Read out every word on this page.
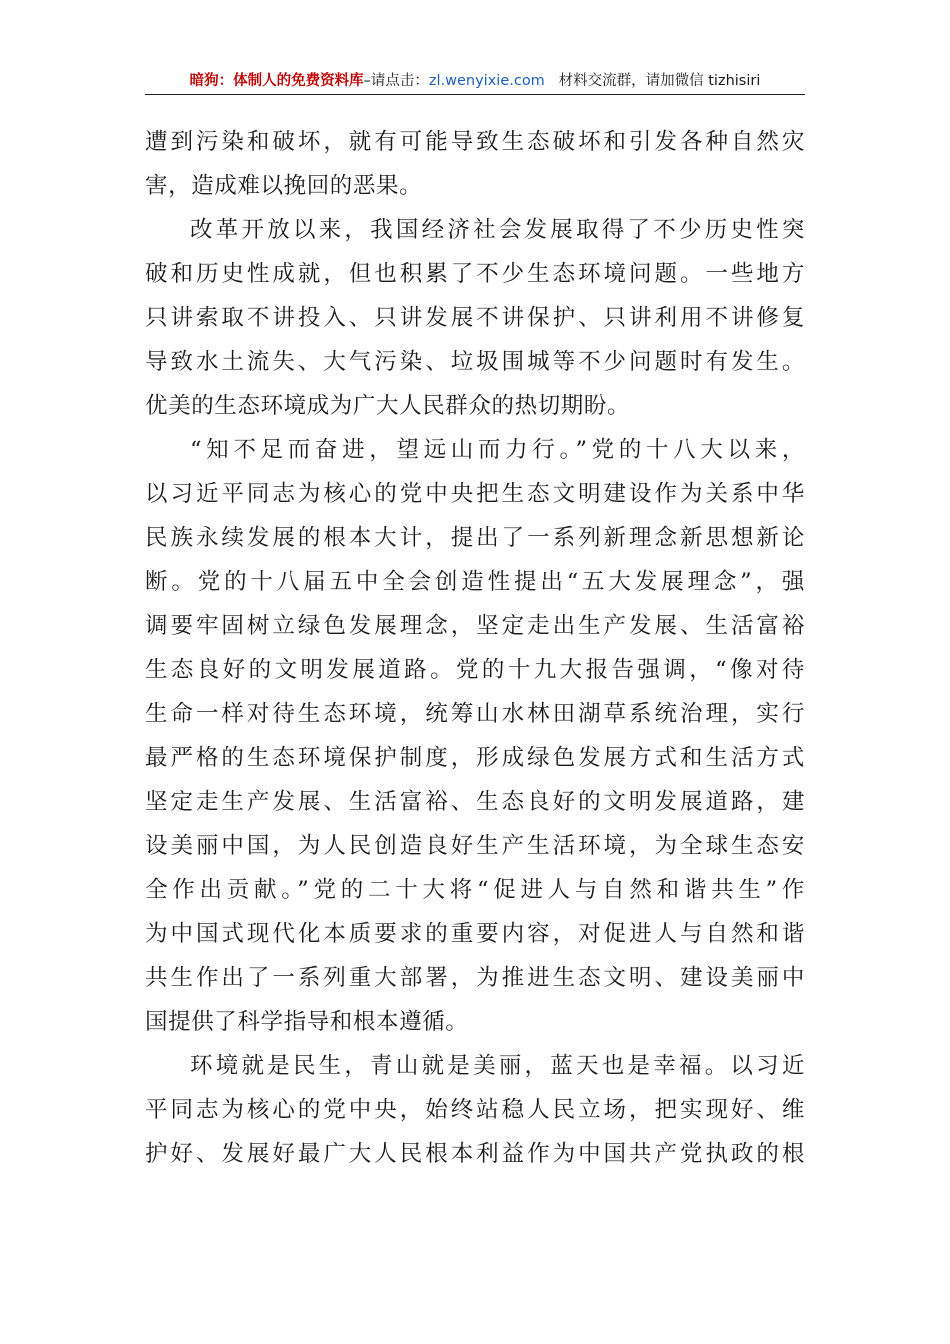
暗狗：体制人的免费资料库–请点击：zl.wenyixie.com 材料交流群，请加微信 tizhisiri
遭到污染和破坏，就有可能导致生态破坏和引发各种自然灾
害，造成难以挽回的恶果。
改革开放以来，我国经济社会发展取得了不少历史性突
破和历史性成就，但也积累了不少生态环境问题。一些地方
只讲索取不讲投入、只讲发展不讲保护、只讲利用不讲修复
导致水土流失、大气污染、垃圾围城等不少问题时有发生。
优美的生态环境成为广大人民群众的热切期盼。
“知不足而奋进，望远山而力行。”党的十八大以来，
以习近平同志为核心的党中央把生态文明建设作为关系中华
民族永续发展的根本大计，提出了一系列新理念新思想新论
断。党的十八届五中全会创造性提出“五大发展理念”，强
调要牢固树立绿色发展理念，坚定走出生产发展、生活富裕
生态良好的文明发展道路。党的十九大报告强调，“像对待
生命一样对待生态环境，统筹山水林田湖草系统治理，实行
最严格的生态环境保护制度，形成绿色发展方式和生活方式
坚定走生产发展、生活富裕、生态良好的文明发展道路，建
设美丽中国，为人民创造良好生产生活环境，为全球生态安
全作出贡献。”党的二十大将“促进人与自然和谐共生”作
为中国式现代化本质要求的重要内容，对促进人与自然和谐
共生作出了一系列重大部署，为推进生态文明、建设美丽中
国提供了科学指导和根本遵循。
环境就是民生，青山就是美丽，蓝天也是幸福。以习近
平同志为核心的党中央，始终站稳人民立场，把实现好、维
护好、发展好最广大人民根本利益作为中国共产党执政的根
